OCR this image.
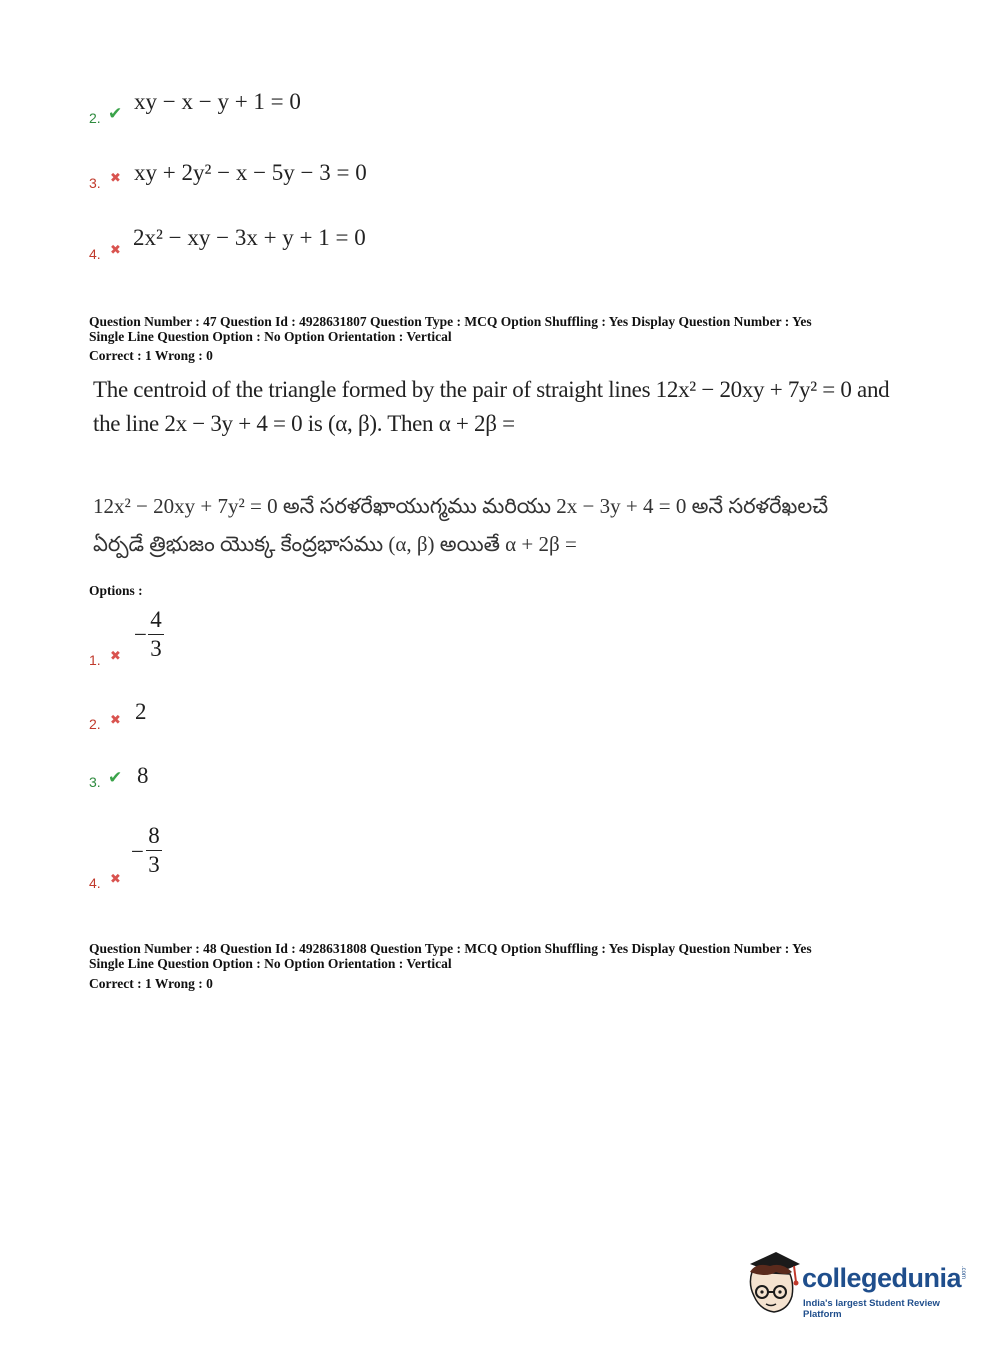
2. ✔ xy − x − y + 1 = 0
3. ✖ xy + 2y² − x − 5y − 3 = 0
4. ✖
2x² − xy − 3x + y + 1 = 0
Question Number : 47 Question Id : 4928631807 Question Type : MCQ Option Shuffling : Yes Display Question Number : Yes
Single Line Question Option : No Option Orientation : Vertical
Correct : 1 Wrong : 0
The centroid of the triangle formed by the pair of straight lines 12x² − 20xy + 7y² = 0 and
the line 2x − 3y + 4 = 0 is (α, β). Then α + 2β =
12x² − 20xy + 7y² = 0 అనే సరళరేఖాయుగ్మము మరియు 2x − 3y + 4 = 0 అనే సరళరేఖలచే
ఏర్పడే త్రిభుజం యొక్క కేంద్రభాసము (α, β) అయితే α + 2β =
Options :
1. ✖
−
4
3
2. ✖ 2
3. ✔ 8
4. ✖
−
8
3
Question Number : 48 Question Id : 4928631808 Question Type : MCQ Option Shuffling : Yes Display Question Number : Yes
Single Line Question Option : No Option Orientation : Vertical
Correct : 1 Wrong : 0
collegedunia
.com
India's largest Student Review Platform
